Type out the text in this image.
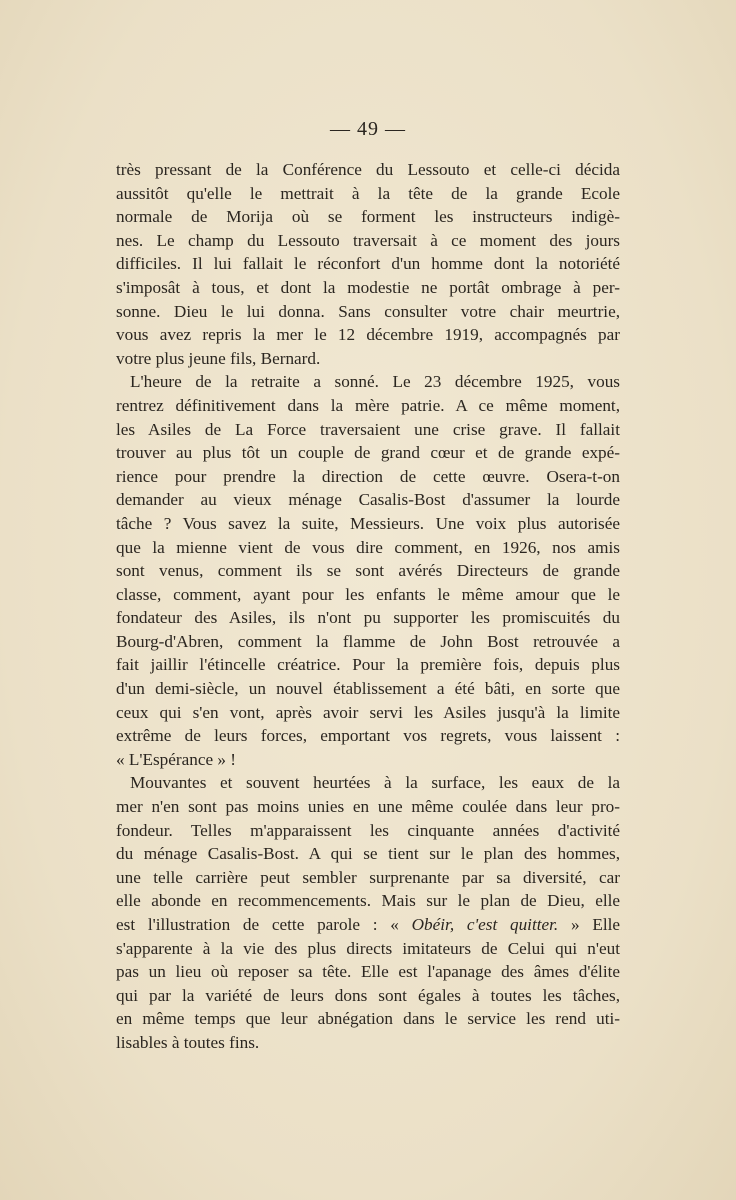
— 49 —
très pressant de la Conférence du Lessouto et celle-ci décida
aussitôt qu'elle le mettrait à la tête de la grande Ecole
normale de Morija où se forment les instructeurs indigè-
nes. Le champ du Lessouto traversait à ce moment des jours
difficiles. Il lui fallait le réconfort d'un homme dont la notoriété
s'imposât à tous, et dont la modestie ne portât ombrage à per-
sonne. Dieu le lui donna. Sans consulter votre chair meurtrie,
vous avez repris la mer le 12 décembre 1919, accompagnés par
votre plus jeune fils, Bernard.
L'heure de la retraite a sonné. Le 23 décembre 1925, vous
rentrez définitivement dans la mère patrie. A ce même moment,
les Asiles de La Force traversaient une crise grave. Il fallait
trouver au plus tôt un couple de grand cœur et de grande expé-
rience pour prendre la direction de cette œuvre. Osera-t-on
demander au vieux ménage Casalis-Bost d'assumer la lourde
tâche ? Vous savez la suite, Messieurs. Une voix plus autorisée
que la mienne vient de vous dire comment, en 1926, nos amis
sont venus, comment ils se sont avérés Directeurs de grande
classe, comment, ayant pour les enfants le même amour que le
fondateur des Asiles, ils n'ont pu supporter les promiscuités du
Bourg-d'Abren, comment la flamme de John Bost retrouvée a
fait jaillir l'étincelle créatrice. Pour la première fois, depuis plus
d'un demi-siècle, un nouvel établissement a été bâti, en sorte que
ceux qui s'en vont, après avoir servi les Asiles jusqu'à la limite
extrême de leurs forces, emportant vos regrets, vous laissent :
« L'Espérance » !
Mouvantes et souvent heurtées à la surface, les eaux de la
mer n'en sont pas moins unies en une même coulée dans leur pro-
fondeur. Telles m'apparaissent les cinquante années d'activité
du ménage Casalis-Bost. A qui se tient sur le plan des hommes,
une telle carrière peut sembler surprenante par sa diversité, car
elle abonde en recommencements. Mais sur le plan de Dieu, elle
est l'illustration de cette parole : « Obéir, c'est quitter. » Elle
s'apparente à la vie des plus directs imitateurs de Celui qui n'eut
pas un lieu où reposer sa tête. Elle est l'apanage des âmes d'élite
qui par la variété de leurs dons sont égales à toutes les tâches,
en même temps que leur abnégation dans le service les rend uti-
lisables à toutes fins.
